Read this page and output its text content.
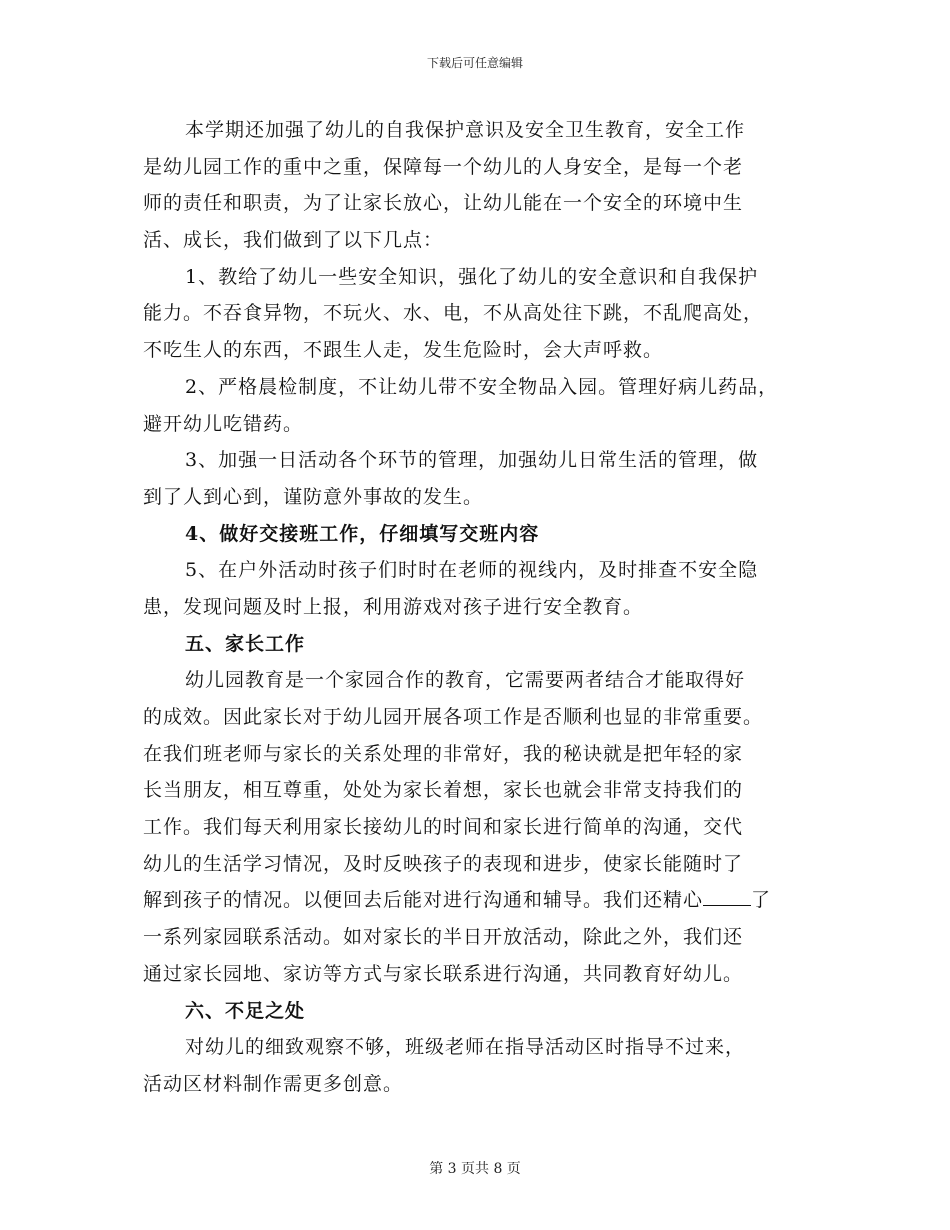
下载后可任意编辑
本学期还加强了幼儿的自我保护意识及安全卫生教育，安全工作
是幼儿园工作的重中之重，保障每一个幼儿的人身安全，是每一个老
师的责任和职责，为了让家长放心，让幼儿能在一个安全的环境中生
活、成长，我们做到了以下几点：
1、教给了幼儿一些安全知识，强化了幼儿的安全意识和自我保护
能力。不吞食异物，不玩火、水、电，不从高处往下跳，不乱爬高处，
不吃生人的东西，不跟生人走，发生危险时，会大声呼救。
2、严格晨检制度，不让幼儿带不安全物品入园。管理好病儿药品，
避开幼儿吃错药。
3、加强一日活动各个环节的管理，加强幼儿日常生活的管理，做
到了人到心到，谨防意外事故的发生。
4、做好交接班工作，仔细填写交班内容
5、在户外活动时孩子们时时在老师的视线内，及时排查不安全隐
患，发现问题及时上报，利用游戏对孩子进行安全教育。
五、家长工作
幼儿园教育是一个家园合作的教育，它需要两者结合才能取得好
的成效。因此家长对于幼儿园开展各项工作是否顺利也显的非常重要。
在我们班老师与家长的关系处理的非常好，我的秘诀就是把年轻的家
长当朋友，相互尊重，处处为家长着想，家长也就会非常支持我们的
工作。我们每天利用家长接幼儿的时间和家长进行简单的沟通，交代
幼儿的生活学习情况，及时反映孩子的表现和进步，使家长能随时了
解到孩子的情况。以便回去后能对进行沟通和辅导。我们还精心	了
一系列家园联系活动。如对家长的半日开放活动，除此之外，我们还
通过家长园地、家访等方式与家长联系进行沟通，共同教育好幼儿。
六、不足之处
对幼儿的细致观察不够，班级老师在指导活动区时指导不过来，
活动区材料制作需更多创意。
第 3 页共 8 页
